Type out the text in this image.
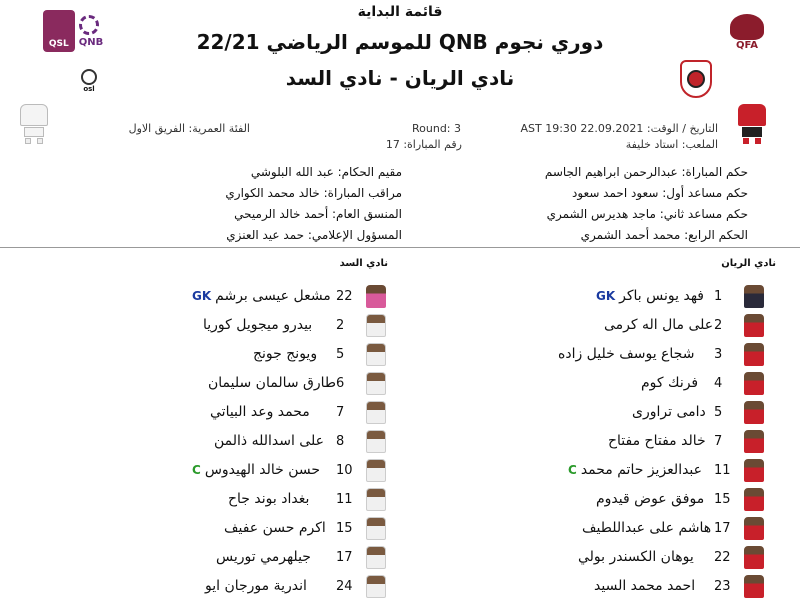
قائمة البداية
دوري نجوم QNB للموسم الرياضي 22/21
نادي الريان - نادي السد
QSL	QNB
osl
QFA
التاريخ / الوقت: 22.09.2021 19:30 AST
الملعب: استاد خليفة
Round: 3
رقم المباراة: 17
الفئة العمرية: الفريق الاول
حكم المباراة: عبدالرحمن ابراهيم الجاسم
حكم مساعد أول: سعود احمد سعود
حكم مساعد ثاني: ماجد هديرس الشمري
الحكم الرابع: محمد أحمد الشمري
مقيم الحكام: عبد الله البلوشي
مراقب المباراة: خالد محمد الكواري
المنسق العام: أحمد خالد الرميحي
المسؤول الإعلامي: حمد عيد العنزي
نادي الريان
نادي السد
GK فهد يونس باكر 1
على مال اله كرمى 2
شجاع يوسف خليل زاده 3
فرنك كوم 4
دامى تراورى 5
خالد مفتاح مفتاح 7
C عبدالعزيز حاتم محمد 11
موفق عوض قيدوم 15
هاشم على عبداللطيف 17
يوهان الكسندر بولي 22
احمد محمد السيد 23
GK مشعل عيسى برشم 22
بيدرو ميجويل كوريا 2
ويونج جونج 5
طارق سالمان سليمان 6
محمد وعد البياتي 7
على اسدالله ذالمن 8
C حسن خالد الهيدوس 10
بغداد بوند جاح 11
اكرم حسن عفيف 15
جيلهرمي توريس 17
اندرية مورجان ايو 24
